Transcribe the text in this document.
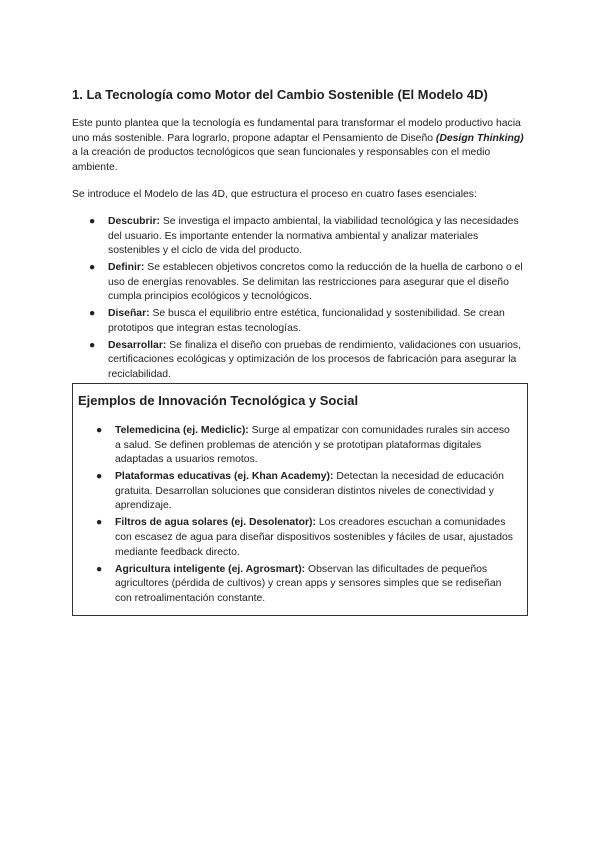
1. La Tecnología como Motor del Cambio Sostenible (El Modelo 4D)

Este punto plantea que la tecnología es fundamental para transformar el modelo productivo hacia uno más sostenible. Para lograrlo, propone adaptar el Pensamiento de Diseño (Design Thinking) a la creación de productos tecnológicos que sean funcionales y responsables con el medio ambiente.

Se introduce el Modelo de las 4D, que estructura el proceso en cuatro fases esenciales:

● Descubrir: Se investiga el impacto ambiental, la viabilidad tecnológica y las necesidades del usuario. Es importante entender la normativa ambiental y analizar materiales sostenibles y el ciclo de vida del producto.
● Definir: Se establecen objetivos concretos como la reducción de la huella de carbono o el uso de energías renovables. Se delimitan las restricciones para asegurar que el diseño cumpla principios ecológicos y tecnológicos.
● Diseñar: Se busca el equilibrio entre estética, funcionalidad y sostenibilidad. Se crean prototipos que integran estas tecnologías.
● Desarrollar: Se finaliza el diseño con pruebas de rendimiento, validaciones con usuarios, certificaciones ecológicas y optimización de los procesos de fabricación para asegurar la reciclabilidad.
Ejemplos de Innovación Tecnológica y Social
● Telemedicina (ej. Mediclic): Surge al empatizar con comunidades rurales sin acceso a salud. Se definen problemas de atención y se prototipan plataformas digitales adaptadas a usuarios remotos.
● Plataformas educativas (ej. Khan Academy): Detectan la necesidad de educación gratuita. Desarrollan soluciones que consideran distintos niveles de conectividad y aprendizaje.
● Filtros de agua solares (ej. Desolenator): Los creadores escuchan a comunidades con escasez de agua para diseñar dispositivos sostenibles y fáciles de usar, ajustados mediante feedback directo.
● Agricultura inteligente (ej. Agrosmart): Observan las dificultades de pequeños agricultores (pérdida de cultivos) y crean apps y sensores simples que se rediseñan con retroalimentación constante.
